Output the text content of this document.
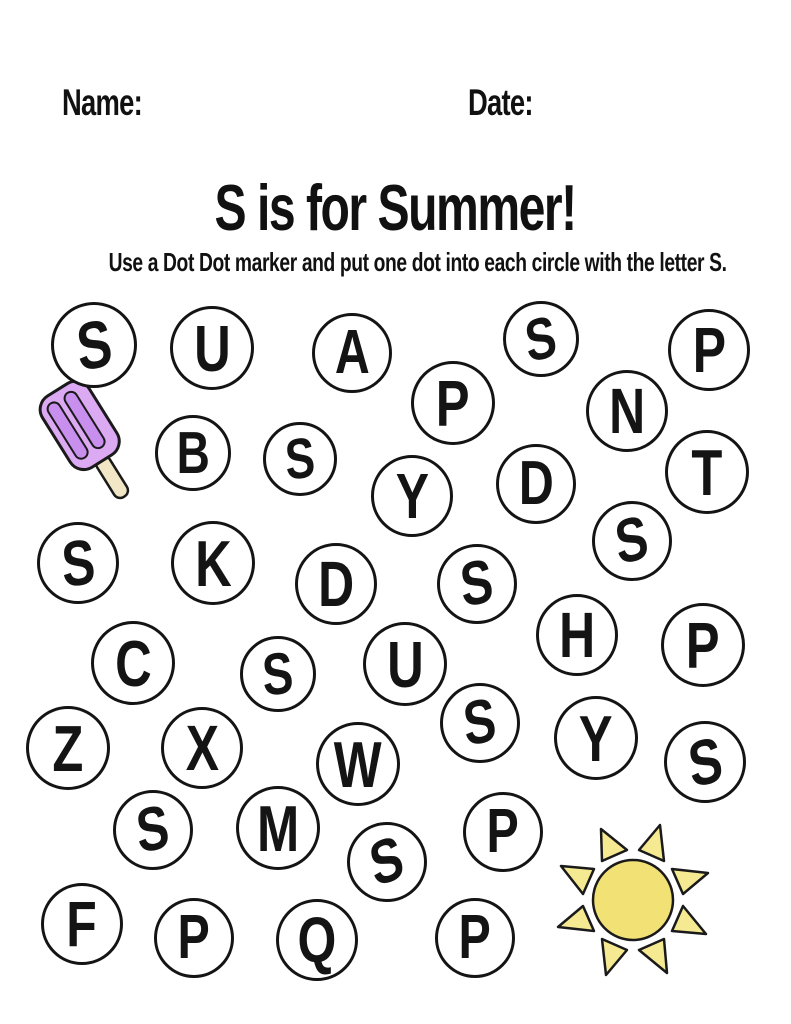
Name:	Date:
S is for Summer!
Use a Dot Dot marker and put one dot into each circle with the letter S.
S U A	S P
B S
P N
Y D T
S K D S
S
C S U H P
Z X W
S Y S
S M S P
F P Q P
